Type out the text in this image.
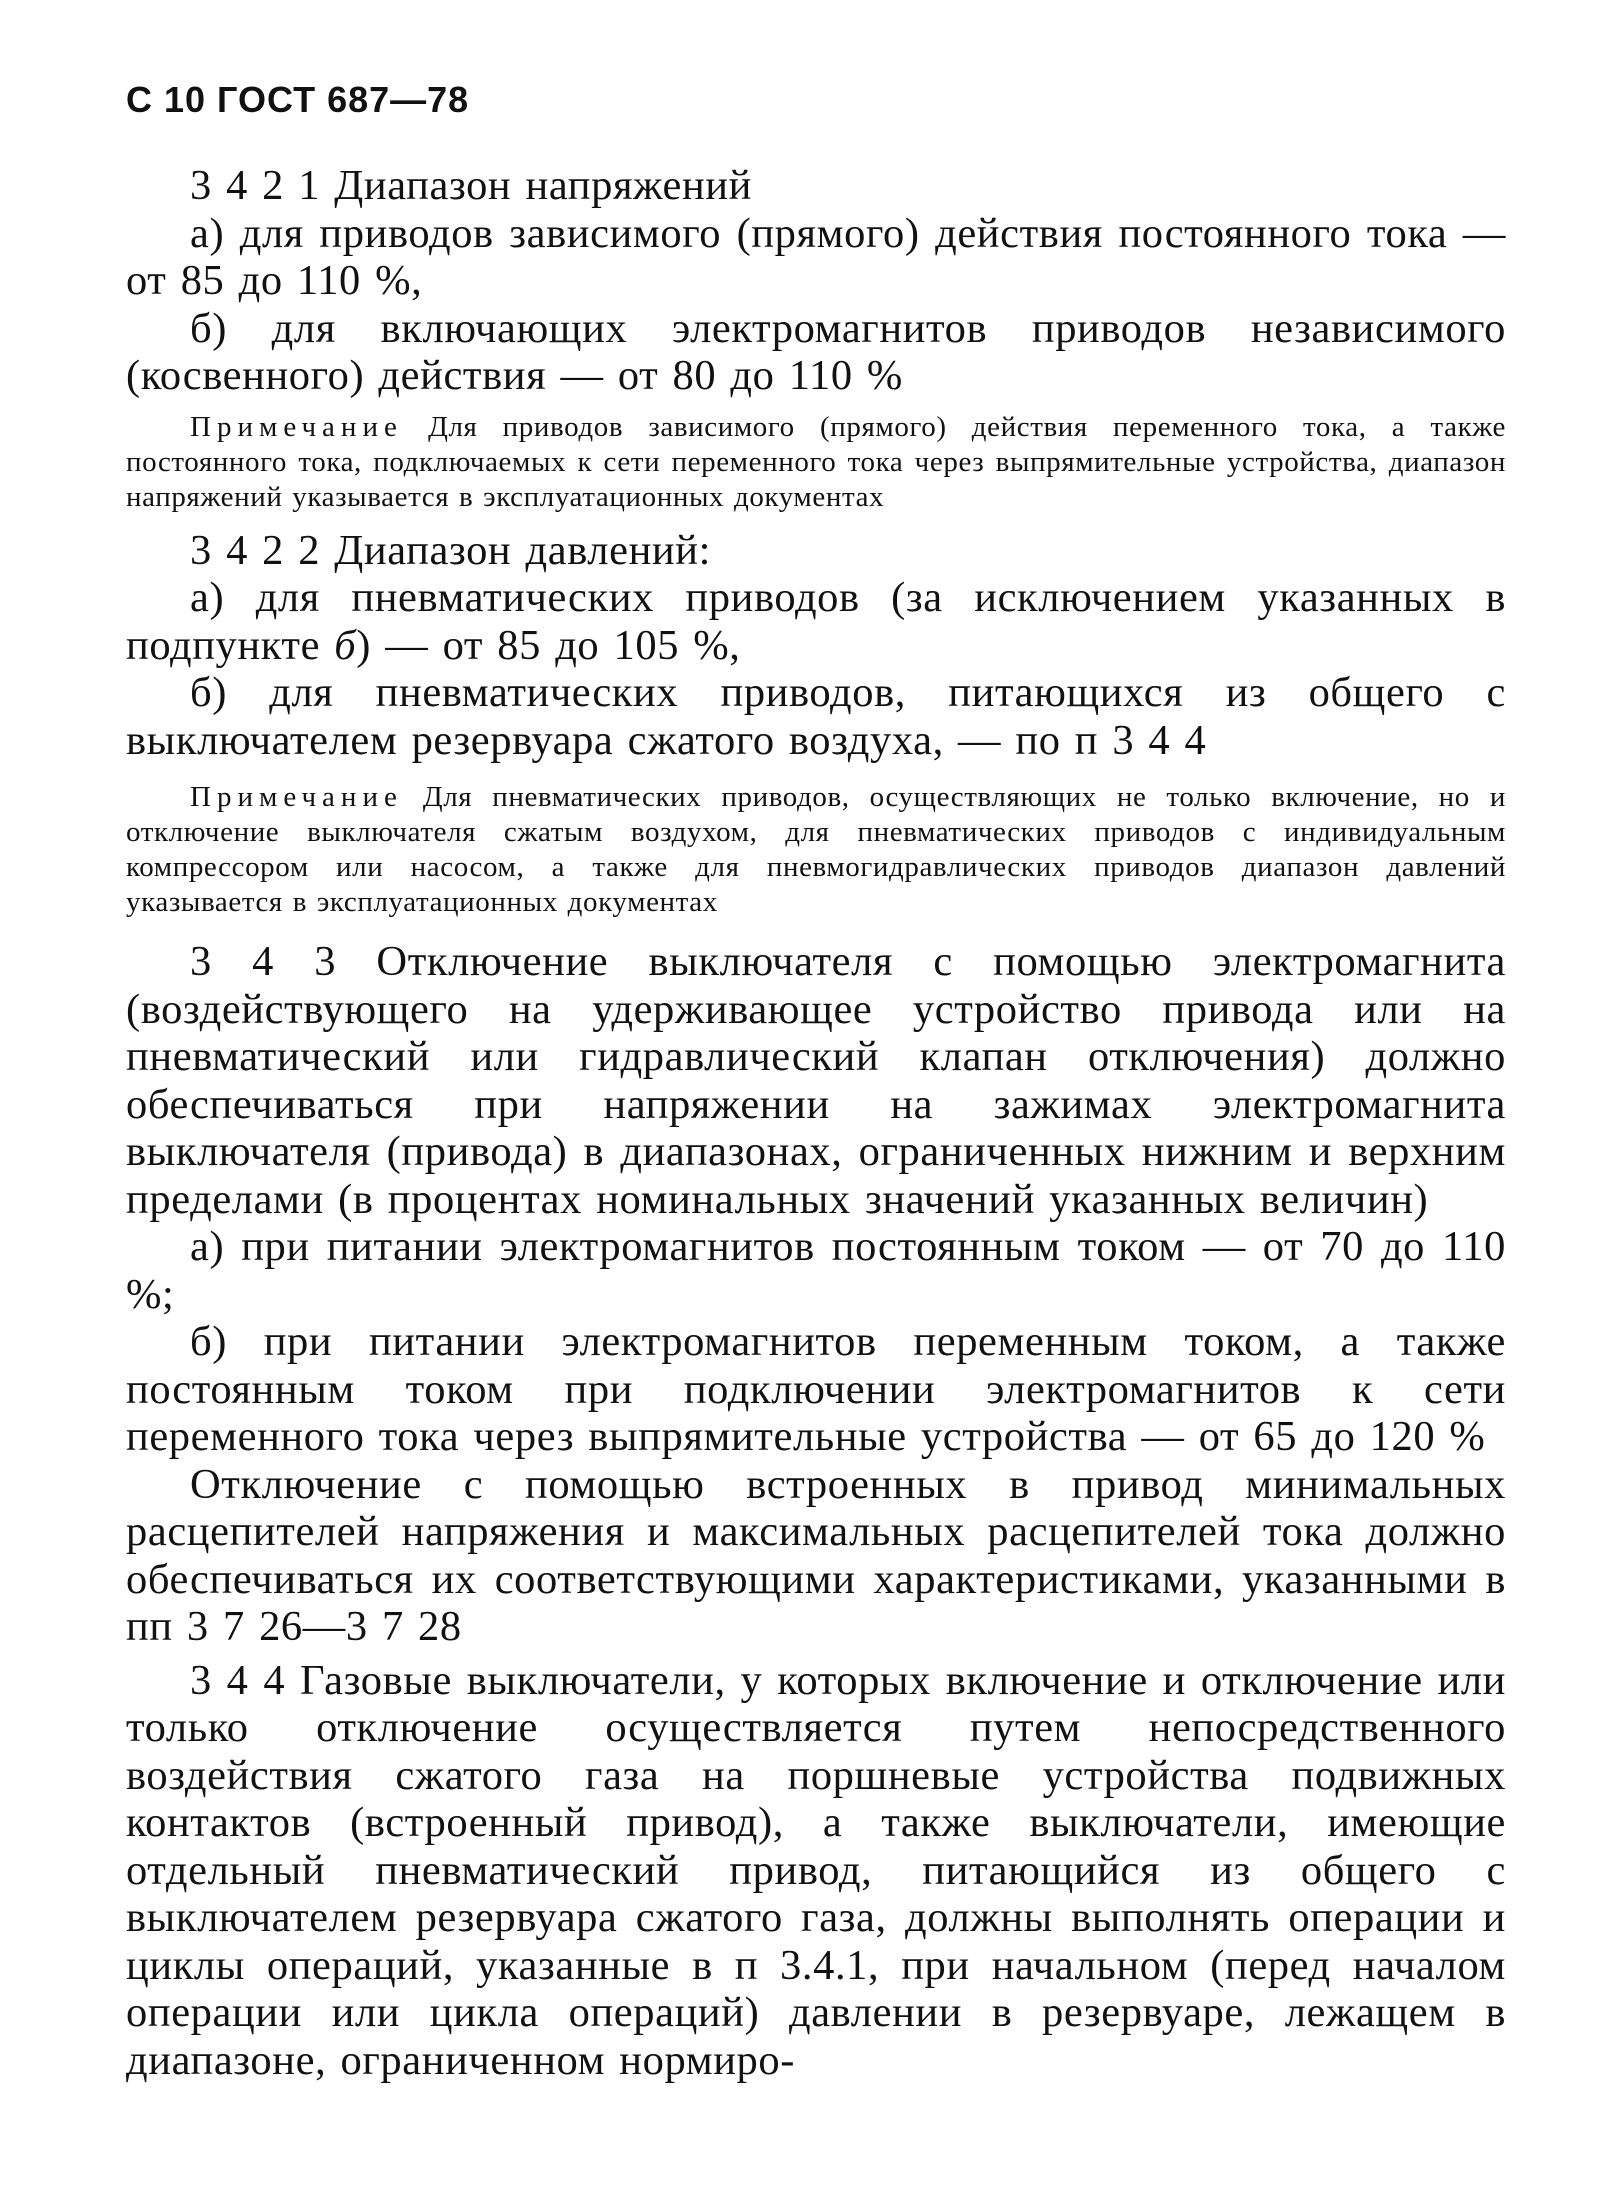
С 10 ГОСТ 687—78

3 4 2 1 Диапазон напряжений

а) для приводов зависимого (прямого) действия постоянного тока — от 85 до 110 %,

б) для включающих электромагнитов приводов независимого (косвенного) действия — от 80 до 110 %

Примечание Для приводов зависимого (прямого) действия переменного тока, а также постоянного тока, подключаемых к сети переменного тока через выпрямительные устройства, диапазон напряжений указывается в эксплуатационных документах

3 4 2 2 Диапазон давлений:

а) для пневматических приводов (за исключением указанных в подпункте б) — от 85 до 105 %,

б) для пневматических приводов, питающихся из общего с выключателем резервуара сжатого воздуха, — по п 3 4 4

Примечание Для пневматических приводов, осуществляющих не только включение, но и отключение выключателя сжатым воздухом, для пневматических приводов с индивидуальным компрессором или насосом, а также для пневмогидравлических приводов диапазон давлений указывается в эксплуатационных документах

3 4 3 Отключение выключателя с помощью электромагнита (воздействующего на удерживающее устройство привода или на пневматический или гидравлический клапан отключения) должно обеспечиваться при напряжении на зажимах электромагнита выключателя (привода) в диапазонах, ограниченных нижним и верхним пределами (в процентах номинальных значений указанных величин)

а) при питании электромагнитов постоянным током — от 70 до 110 %;

б) при питании электромагнитов переменным током, а также постоянным током при подключении электромагнитов к сети переменного тока через выпрямительные устройства — от 65 до 120 %

Отключение с помощью встроенных в привод минимальных расцепителей напряжения и максимальных расцепителей тока должно обеспечиваться их соответствующими характеристиками, указанными в пп 3 7 26—3 7 28

3 4 4 Газовые выключатели, у которых включение и отключение или только отключение осуществляется путем непосредственного воздействия сжатого газа на поршневые устройства подвижных контактов (встроенный привод), а также выключатели, имеющие отдельный пневматический привод, питающийся из общего с выключателем резервуара сжатого газа, должны выполнять операции и циклы операций, указанные в п 3.4.1, при начальном (перед началом операции или цикла операций) давлении в резервуаре, лежащем в диапазоне, ограниченном нормиро-
